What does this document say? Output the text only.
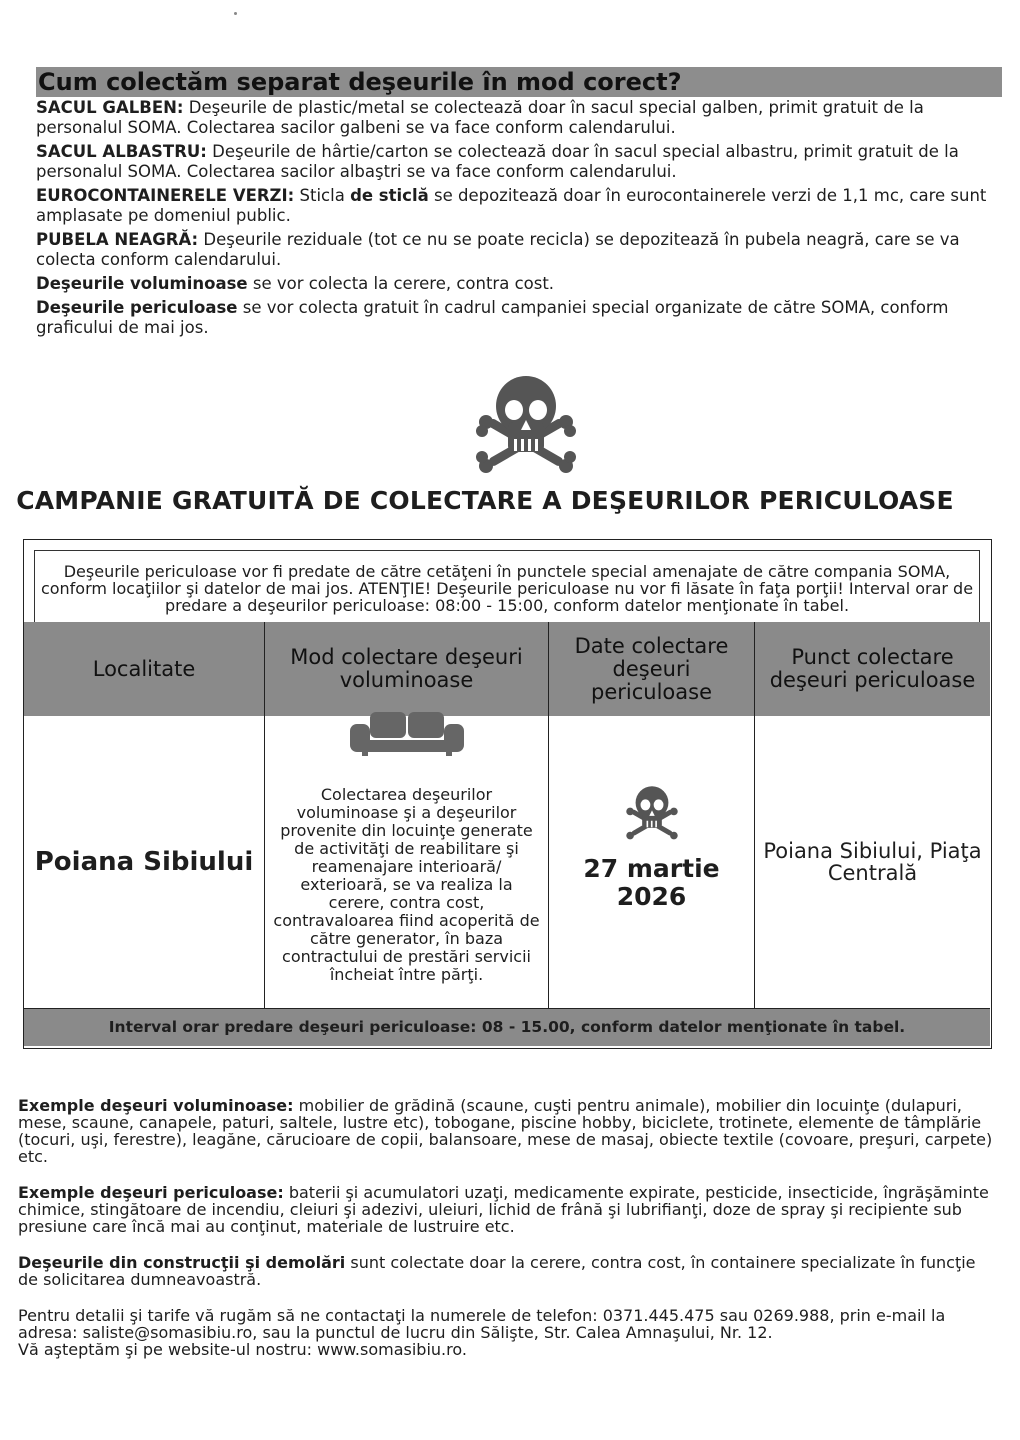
Cum colectăm separat deşeurile în mod corect?

SACUL GALBEN: Deşeurile de plastic/metal se colectează doar în sacul special galben, primit gratuit de la personalul SOMA. Colectarea sacilor galbeni se va face conform calendarului.

SACUL ALBASTRU: Deşeurile de hârtie/carton se colectează doar în sacul special albastru, primit gratuit de la personalul SOMA. Colectarea sacilor albaştri se va face conform calendarului.

EUROCONTAINERELE VERZI: Sticla de sticlă se depozitează doar în eurocontainerele verzi de 1,1 mc, care sunt amplasate pe domeniul public.

PUBELA NEAGRĂ: Deşeurile reziduale (tot ce nu se poate recicla) se depozitează în pubela neagră, care se va colecta conform calendarului.

Deşeurile voluminoase se vor colecta la cerere, contra cost.

Deşeurile periculoase se vor colecta gratuit în cadrul campaniei special organizate de către SOMA, conform graficului de mai jos.

CAMPANIE GRATUITĂ DE COLECTARE A DEŞEURILOR PERICULOASE
Deşeurile periculoase vor fi predate de către cetăţeni în punctele special amenajate de către compania SOMA, conform locaţiilor şi datelor de mai jos. ATENŢIE! Deşeurile periculoase nu vor fi lăsate în faţa porţii! Interval orar de predare a deşeurilor periculoase: 08:00 - 15:00, conform datelor menţionate în tabel.
Localitate	Mod colectare deşeuri voluminoase
Date colectare deşeuri periculoase
Punct colectare deşeuri periculoase
Poiana Sibiului
Colectarea deşeurilor voluminoase şi a deşeurilor provenite din locuinţe generate de activităţi de reabilitare şi reamenajare interioară/ exterioară, se va realiza la cerere, contra cost, contravaloarea fiind acoperită de către generator, în baza contractului de prestări servicii încheiat între părţi.
27 martie 2026
Poiana Sibiului, Piaţa Centrală
Interval orar predare deşeuri periculoase: 08 - 15.00, conform datelor menţionate în tabel.

Exemple deşeuri voluminoase: mobilier de grădină (scaune, cuşti pentru animale), mobilier din locuinţe (dulapuri, mese, scaune, canapele, paturi, saltele, lustre etc), tobogane, piscine hobby, biciclete, trotinete, elemente de tâmplărie (tocuri, uşi, ferestre), leagăne, cărucioare de copii, balansoare, mese de masaj, obiecte textile (covoare, preşuri, carpete) etc.

Exemple deşeuri periculoase: baterii şi acumulatori uzaţi, medicamente expirate, pesticide, insecticide, îngrăşăminte chimice, stingătoare de incendiu, cleiuri şi adezivi, uleiuri, lichid de frână şi lubrifianţi, doze de spray şi recipiente sub presiune care încă mai au conţinut, materiale de lustruire etc.

Deşeurile din construcţii şi demolări sunt colectate doar la cerere, contra cost, în containere specializate în funcţie de solicitarea dumneavoastră.

Pentru detalii şi tarife vă rugăm să ne contactaţi la numerele de telefon: 0371.445.475 sau 0269.988, prin e-mail la adresa: saliste@somasibiu.ro, sau la punctul de lucru din Sălişte, Str. Calea Amnaşului, Nr. 12.
Vă aşteptăm şi pe website-ul nostru: www.somasibiu.ro.
